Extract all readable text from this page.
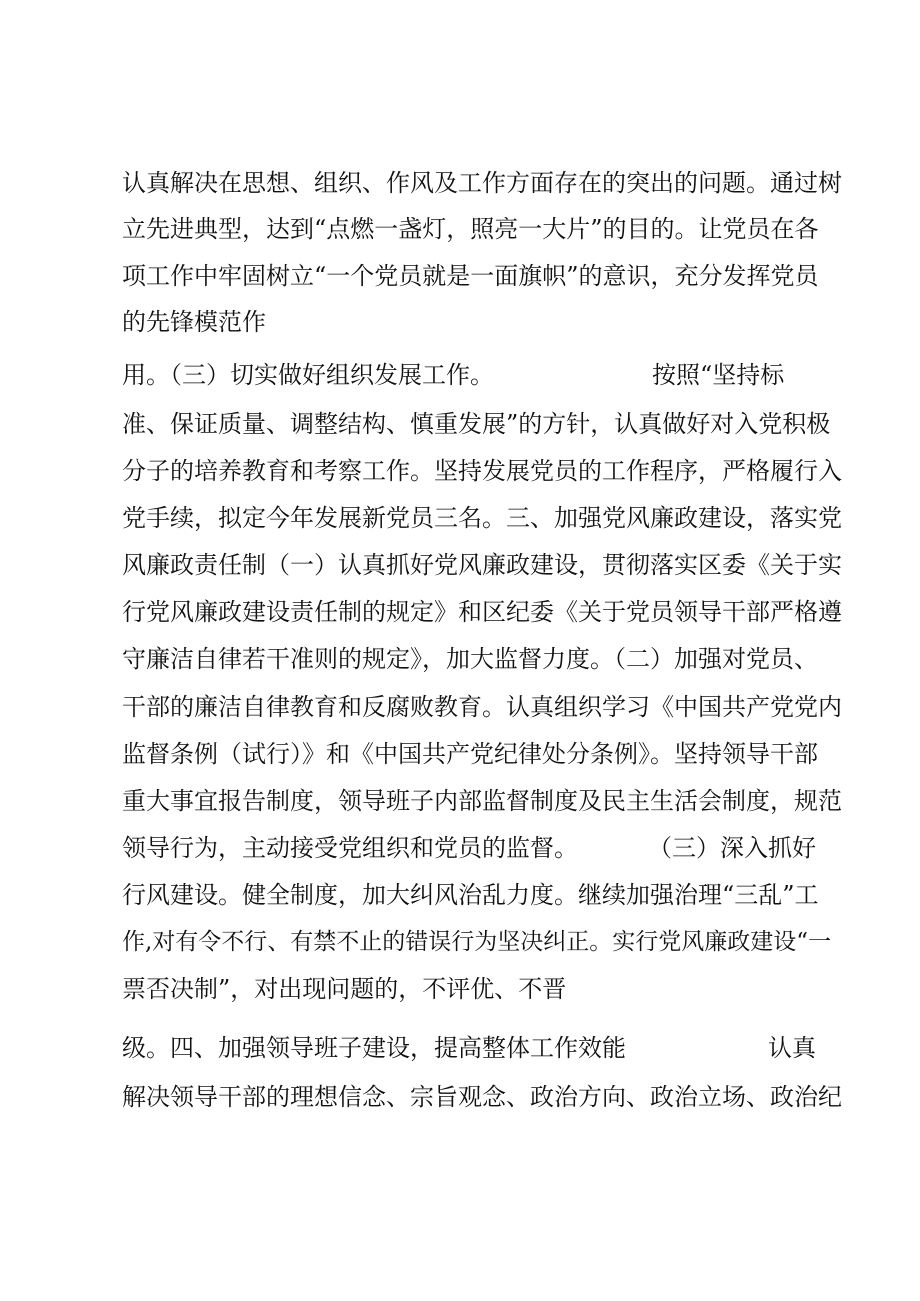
认真解决在思想、组织、作风及工作方面存在的突出的问题。通过树
立先进典型，达到“点燃一盏灯，照亮一大片”的目的。让党员在各
项工作中牢固树立“一个党员就是一面旗帜”的意识，充分发挥党员
的先锋模范作
用。（三）切实做好组织发展工作。	按照“坚持标
准、保证质量、调整结构、慎重发展”的方针，认真做好对入党积极
分子的培养教育和考察工作。坚持发展党员的工作程序，严格履行入
党手续，拟定今年发展新党员三名。三、加强党风廉政建设，落实党
风廉政责任制（一）认真抓好党风廉政建设，贯彻落实区委《关于实
行党风廉政建设责任制的规定》和区纪委《关于党员领导干部严格遵
守廉洁自律若干准则的规定》，加大监督力度。（二）加强对党员、
干部的廉洁自律教育和反腐败教育。认真组织学习《中国共产党党内
监督条例（试行）》和《中国共产党纪律处分条例》。坚持领导干部
重大事宜报告制度，领导班子内部监督制度及民主生活会制度，规范
领导行为，主动接受党组织和党员的监督。	（三）深入抓好
行风建设。健全制度，加大纠风治乱力度。继续加强治理“三乱”工
作,对有令不行、有禁不止的错误行为坚决纠正。实行党风廉政建设“一
票否决制”，对出现问题的，不评优、不晋
级。四、加强领导班子建设，提高整体工作效能	认真
解决领导干部的理想信念、宗旨观念、政治方向、政治立场、政治纪
